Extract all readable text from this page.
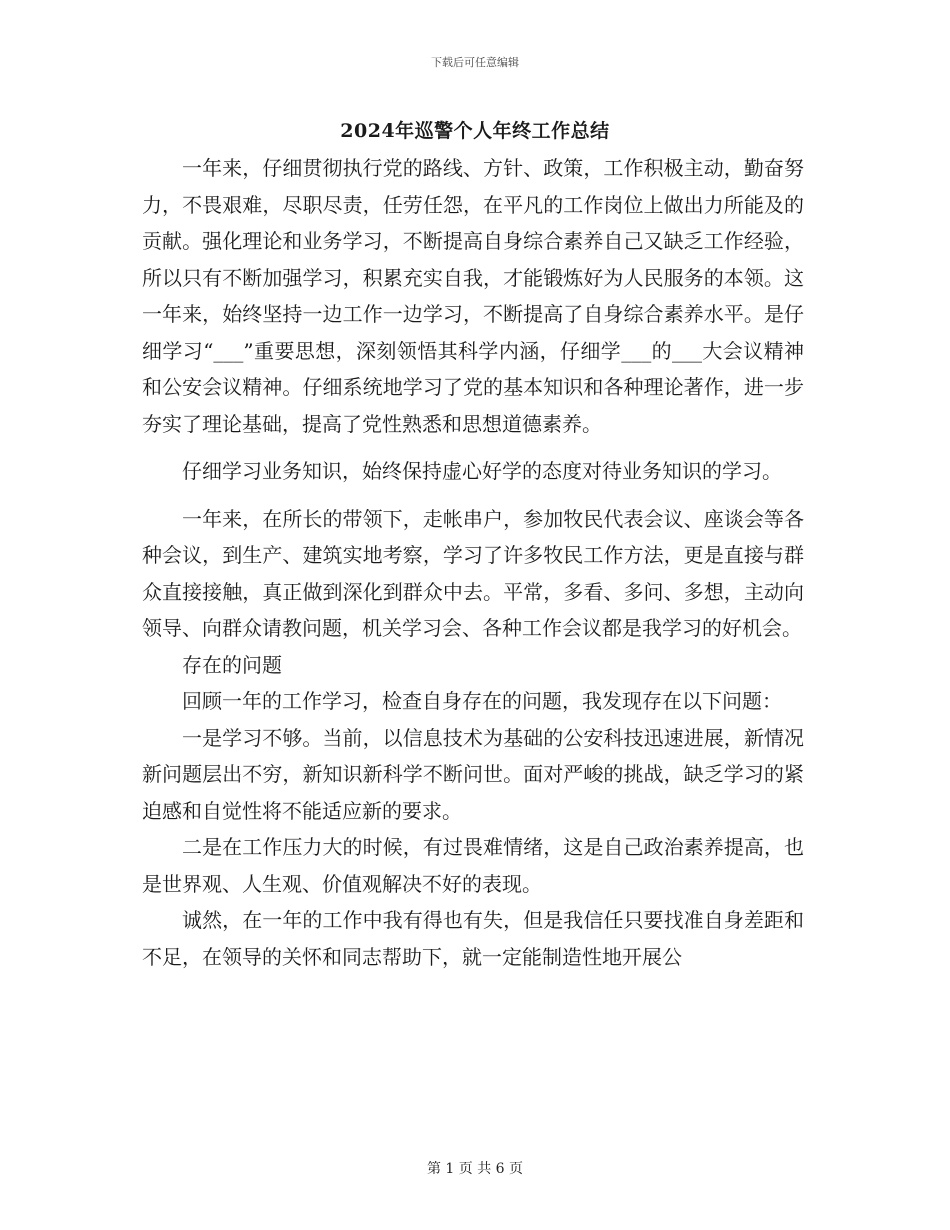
下载后可任意编辑
2024年巡警个人年终工作总结

一年来，仔细贯彻执行党的路线、方针、政策，工作积极主动，勤奋努力，不畏艰难，尽职尽责，任劳任怨，在平凡的工作岗位上做出力所能及的贡献。强化理论和业务学习，不断提高自身综合素养自己又缺乏工作经验，所以只有不断加强学习，积累充实自我，才能锻炼好为人民服务的本领。这一年来，始终坚持一边工作一边学习，不断提高了自身综合素养水平。是仔细学习“___”重要思想，深刻领悟其科学内涵，仔细学___的___大会议精神和公安会议精神。仔细系统地学习了党的基本知识和各种理论著作，进一步夯实了理论基础，提高了党性熟悉和思想道德素养。

仔细学习业务知识，始终保持虚心好学的态度对待业务知识的学习。

一年来，在所长的带领下，走帐串户，参加牧民代表会议、座谈会等各种会议，到生产、建筑实地考察，学习了许多牧民工作方法，更是直接与群众直接接触，真正做到深化到群众中去。平常，多看、多问、多想，主动向领导、向群众请教问题，机关学习会、各种工作会议都是我学习的好机会。

存在的问题

回顾一年的工作学习，检查自身存在的问题，我发现存在以下问题：

一是学习不够。当前，以信息技术为基础的公安科技迅速进展，新情况新问题层出不穷，新知识新科学不断问世。面对严峻的挑战，缺乏学习的紧迫感和自觉性将不能适应新的要求。

二是在工作压力大的时候，有过畏难情绪，这是自己政治素养提高，也是世界观、人生观、价值观解决不好的表现。

诚然，在一年的工作中我有得也有失，但是我信任只要找准自身差距和不足，在领导的关怀和同志帮助下，就一定能制造性地开展公

第 1 页 共 6 页
